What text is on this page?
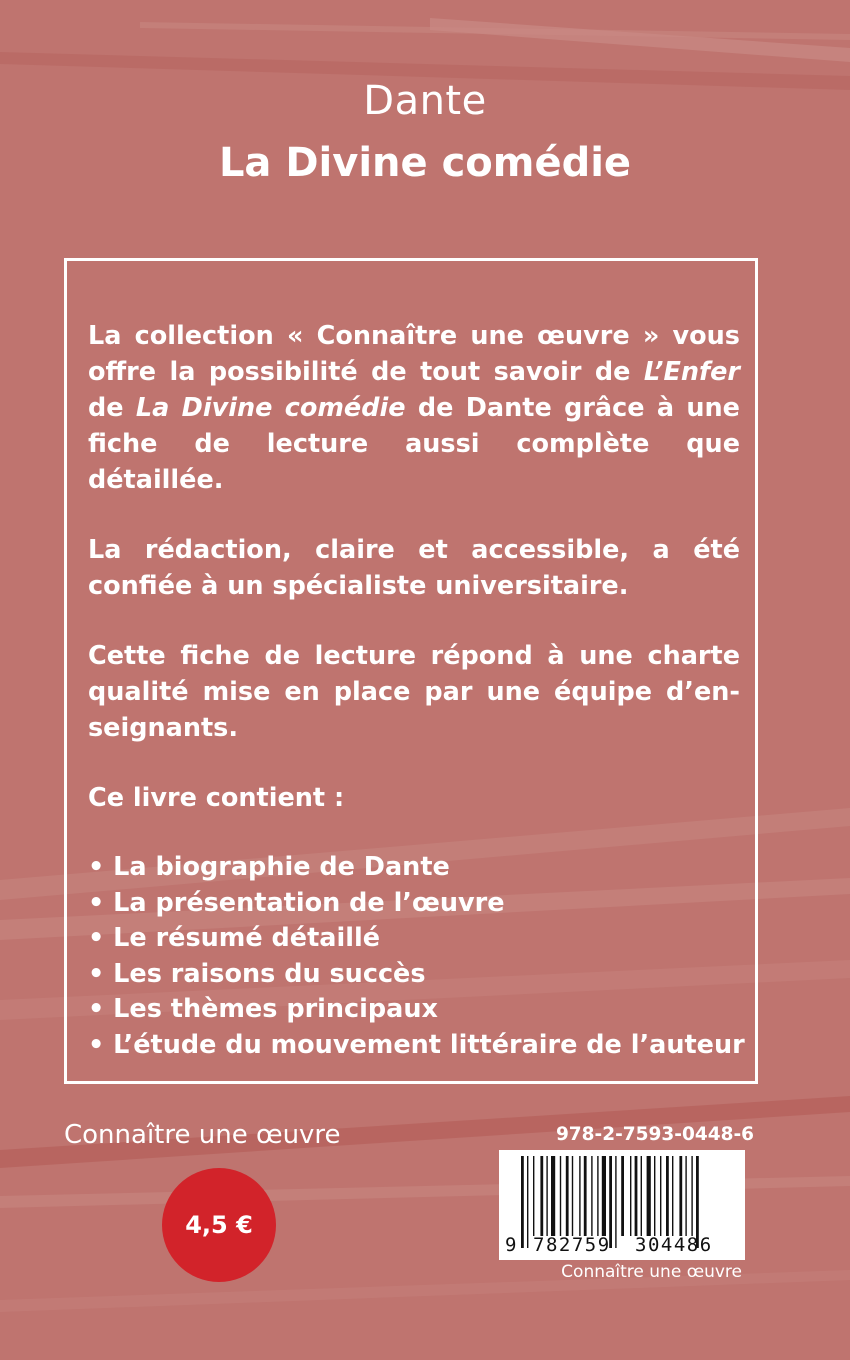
Dante
La Divine comédie

La collection « Connaître une œuvre » vous offre la possibilité de tout savoir de L’Enfer de La Divine comédie de Dante grâce à une fiche de lecture aussi complète que détaillée.

La rédaction, claire et accessible, a été confiée à un spécialiste universitaire.

Cette fiche de lecture répond à une charte qualité mise en place par une équipe d’en-seignants.

Ce livre contient :

• La biographie de Dante
• La présentation de l’œuvre
• Le résumé détaillé
• Les raisons du succès
• Les thèmes principaux
• L’étude du mouvement littéraire de l’auteur
Connaître une œuvre
4,5 €
978-2-7593-0448-6
9 782759 304486
Connaître une œuvre
